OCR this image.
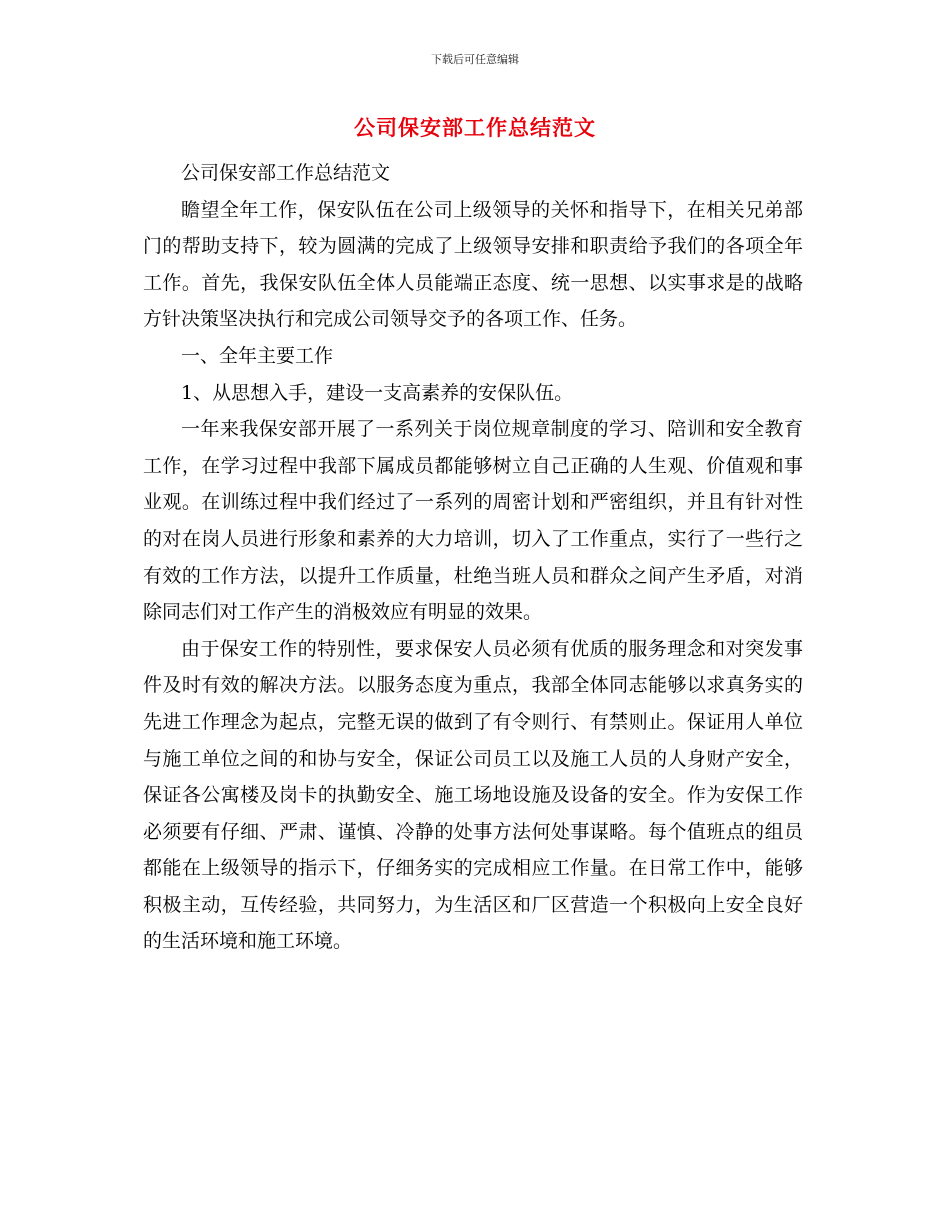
下载后可任意编辑
公司保安部工作总结范文

公司保安部工作总结范文

瞻望全年工作，保安队伍在公司上级领导的关怀和指导下，在相关兄弟部门的帮助支持下，较为圆满的完成了上级领导安排和职责给予我们的各项全年工作。首先，我保安队伍全体人员能端正态度、统一思想、以实事求是的战略方针决策坚决执行和完成公司领导交予的各项工作、任务。

一、全年主要工作

1、从思想入手，建设一支高素养的安保队伍。

一年来我保安部开展了一系列关于岗位规章制度的学习、陪训和安全教育工作，在学习过程中我部下属成员都能够树立自己正确的人生观、价值观和事业观。在训练过程中我们经过了一系列的周密计划和严密组织，并且有针对性的对在岗人员进行形象和素养的大力培训，切入了工作重点，实行了一些行之有效的工作方法，以提升工作质量，杜绝当班人员和群众之间产生矛盾，对消除同志们对工作产生的消极效应有明显的效果。

由于保安工作的特别性，要求保安人员必须有优质的服务理念和对突发事件及时有效的解决方法。以服务态度为重点，我部全体同志能够以求真务实的先进工作理念为起点，完整无误的做到了有令则行、有禁则止。保证用人单位与施工单位之间的和协与安全，保证公司员工以及施工人员的人身财产安全，保证各公寓楼及岗卡的执勤安全、施工场地设施及设备的安全。作为安保工作必须要有仔细、严肃、谨慎、冷静的处事方法何处事谋略。每个值班点的组员都能在上级领导的指示下，仔细务实的完成相应工作量。在日常工作中，能够积极主动，互传经验，共同努力，为生活区和厂区营造一个积极向上安全良好的生活环境和施工环境。
